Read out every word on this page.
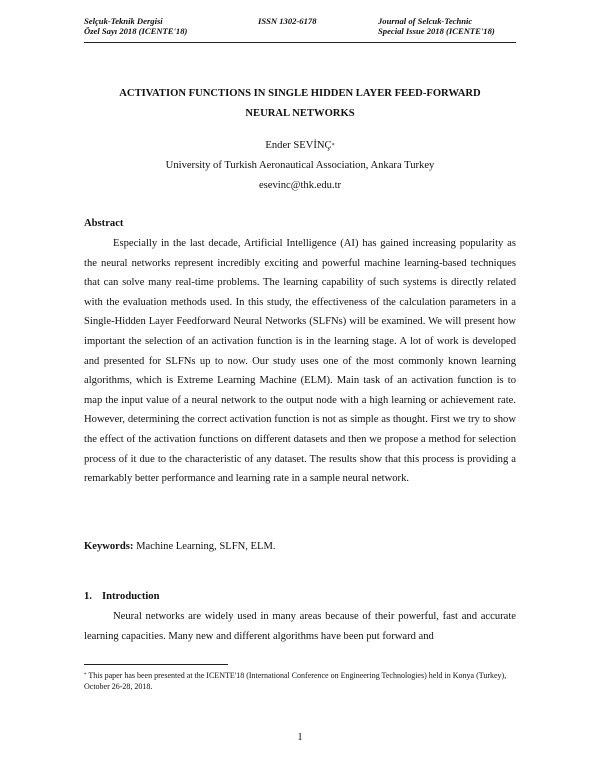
Selçuk-Teknik Dergisi
Özel Sayı 2018 (ICENTE'18)
ISSN 1302-6178	Journal of Selcuk-Technic
Special Issue 2018 (ICENTE'18)
ACTIVATION FUNCTIONS IN SINGLE HIDDEN LAYER FEED-FORWARD
NEURAL NETWORKS
Ender SEVİNÇ*
University of Turkish Aeronautical Association, Ankara Turkey
esevinc@thk.edu.tr
Abstract
Especially in the last decade, Artificial Intelligence (AI) has gained increasing popularity as the neural networks represent incredibly exciting and powerful machine learning-based techniques that can solve many real-time problems. The learning capability of such systems is directly related with the evaluation methods used. In this study, the effectiveness of the calculation parameters in a Single-Hidden Layer Feedforward Neural Networks (SLFNs) will be examined. We will present how important the selection of an activation function is in the learning stage. A lot of work is developed and presented for SLFNs up to now. Our study uses one of the most commonly known learning algorithms, which is Extreme Learning Machine (ELM). Main task of an activation function is to map the input value of a neural network to the output node with a high learning or achievement rate. However, determining the correct activation function is not as simple as thought. First we try to show the effect of the activation functions on different datasets and then we propose a method for selection process of it due to the characteristic of any dataset. The results show that this process is providing a remarkably better performance and learning rate in a sample neural network.
Keywords: Machine Learning, SLFN, ELM.
1. Introduction
Neural networks are widely used in many areas because of their powerful, fast and accurate learning capacities. Many new and different algorithms have been put forward and
* This paper has been presented at the ICENTE'18 (International Conference on Engineering Technologies) held in Konya (Turkey), October 26-28, 2018.
1
